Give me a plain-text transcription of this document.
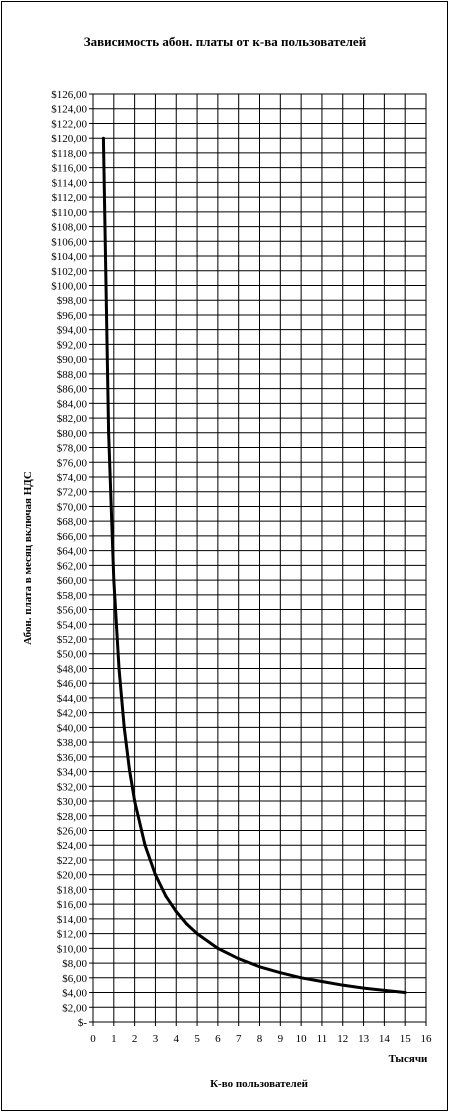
Зависимость абон. платы от к-ва пользователей
$-
$2,00
$4,00
$6,00
$8,00
$10,00
$12,00
$14,00
$16,00
$18,00
$20,00
$22,00
$24,00
$26,00
$28,00
$30,00
$32,00
$34,00
$36,00
$38,00
$40,00
$42,00
$44,00
$46,00
$48,00
$50,00
$52,00
$54,00
$56,00
$58,00
$60,00
$62,00
$64,00
$66,00
$68,00
$70,00
$72,00
$74,00
$76,00
$78,00
$80,00
$82,00
$84,00
$86,00
$88,00
$90,00
$92,00
$94,00
$96,00
$98,00
$100,00
$102,00
$104,00
$106,00
$108,00
$110,00
$112,00
$114,00
$116,00
$118,00
$120,00
$122,00
$124,00
$126,00
0 1 2 3 4 5 6 7 8 9 10 11 12 13 14 15 16
Тысячи
К-во пользователей
Абон. плата в месяц включая НДС
